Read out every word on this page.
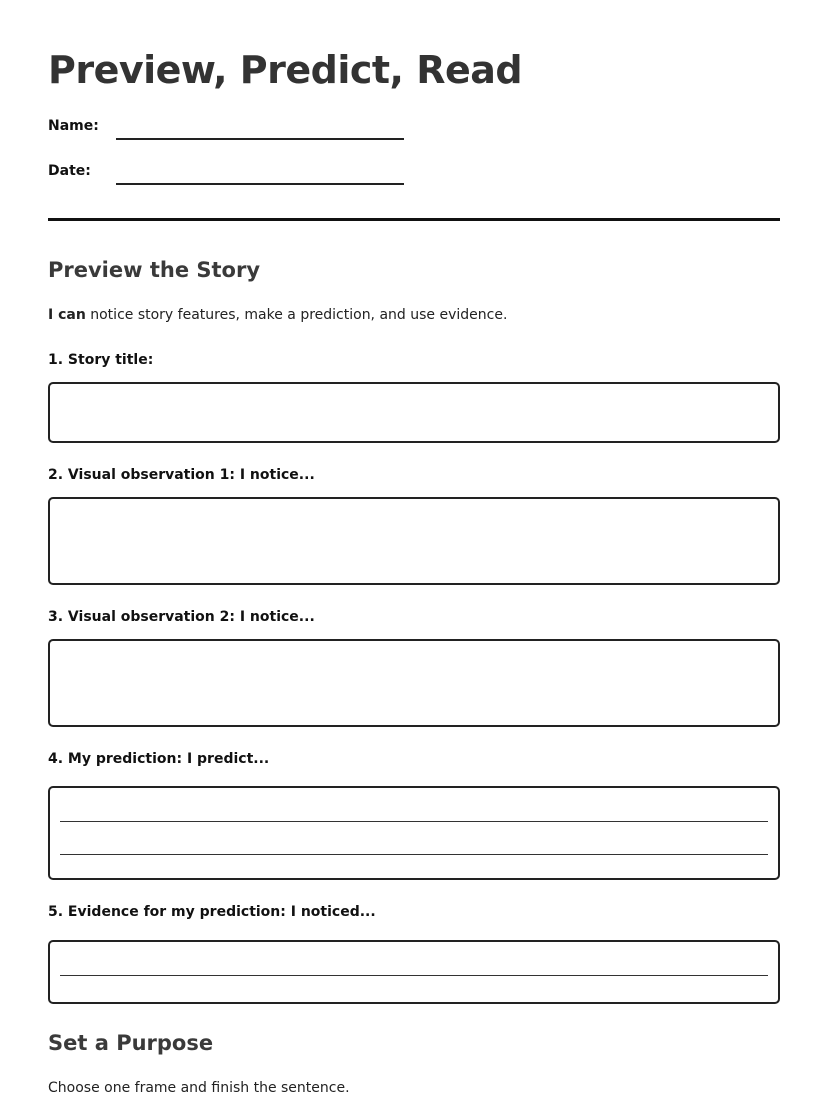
Preview, Predict, Read
Name:
Date:
Preview the Story
I can notice story features, make a prediction, and use evidence.
1. Story title:
2. Visual observation 1: I notice...
3. Visual observation 2: I notice...
4. My prediction: I predict...
5. Evidence for my prediction: I noticed...
Set a Purpose
Choose one frame and finish the sentence.
